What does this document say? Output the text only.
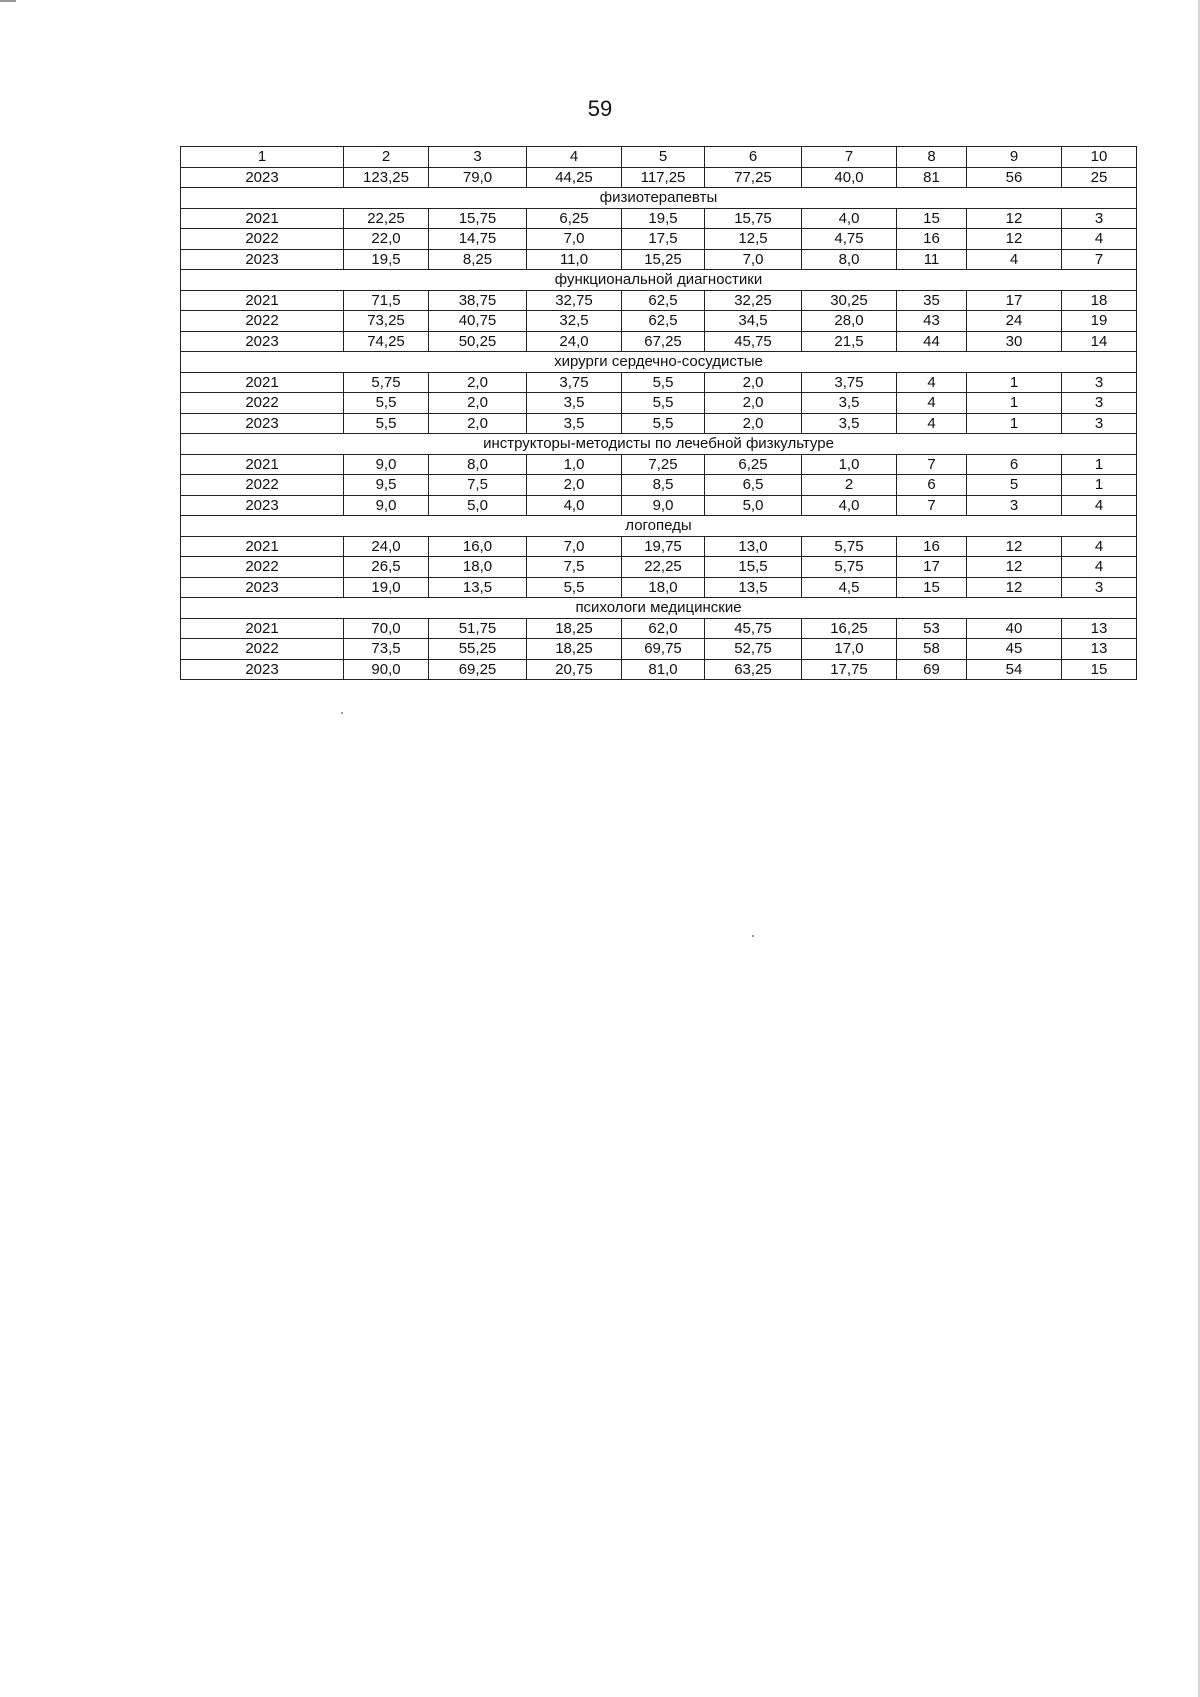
59
1	2	3	4	5	6	7	8	9	10
2023	123,25	79,0	44,25	117,25	77,25	40,0	81	56	25
физиотерапевты									
2021	22,25	15,75	6,25	19,5	15,75	4,0	15	12	3
2022	22,0	14,75	7,0	17,5	12,5	4,75	16	12	4
2023	19,5	8,25	11,0	15,25	7,0	8,0	11	4	7
функциональной диагностики									
2021	71,5	38,75	32,75	62,5	32,25	30,25	35	17	18
2022	73,25	40,75	32,5	62,5	34,5	28,0	43	24	19
2023	74,25	50,25	24,0	67,25	45,75	21,5	44	30	14
хирурги сердечно-сосудистые									
2021	5,75	2,0	3,75	5,5	2,0	3,75	4	1	3
2022	5,5	2,0	3,5	5,5	2,0	3,5	4	1	3
2023	5,5	2,0	3,5	5,5	2,0	3,5	4	1	3
инструкторы-методисты по лечебной физкультуре									
2021	9,0	8,0	1,0	7,25	6,25	1,0	7	6	1
2022	9,5	7,5	2,0	8,5	6,5	2	6	5	1
2023	9,0	5,0	4,0	9,0	5,0	4,0	7	3	4
логопеды									
2021	24,0	16,0	7,0	19,75	13,0	5,75	16	12	4
2022	26,5	18,0	7,5	22,25	15,5	5,75	17	12	4
2023	19,0	13,5	5,5	18,0	13,5	4,5	15	12	3
психологи медицинские									
2021	70,0	51,75	18,25	62,0	45,75	16,25	53	40	13
2022	73,5	55,25	18,25	69,75	52,75	17,0	58	45	13
2023	90,0	69,25	20,75	81,0	63,25	17,75	69	54	15
